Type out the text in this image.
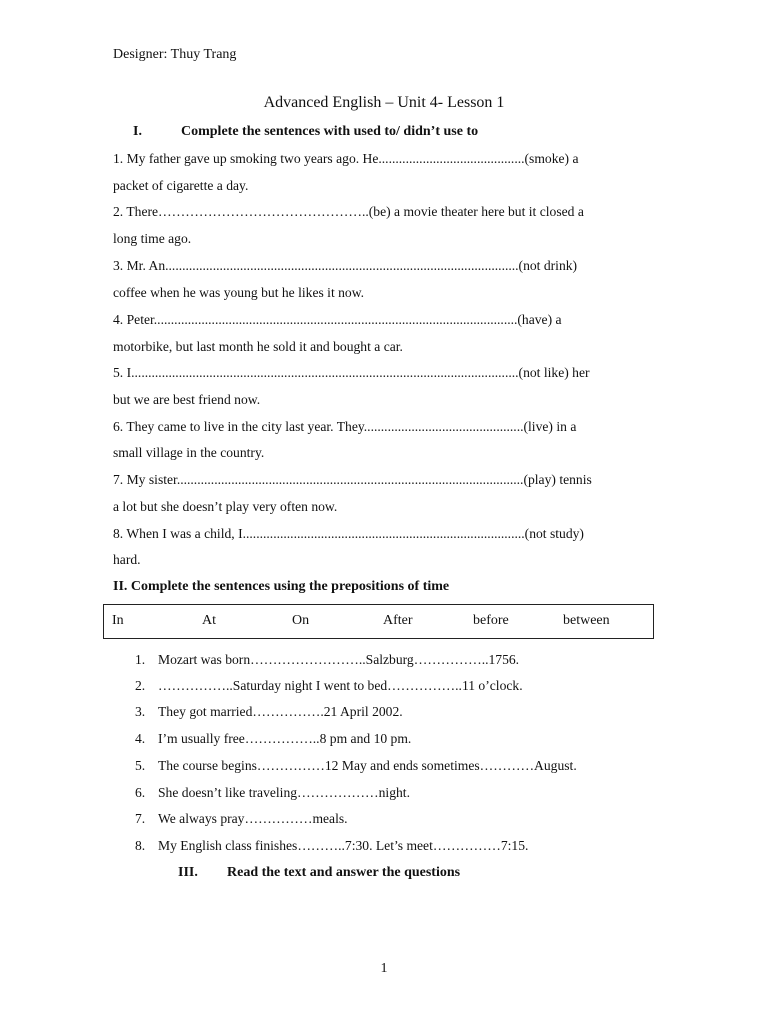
Designer: Thuy Trang
Advanced English – Unit 4- Lesson 1
I.	Complete the sentences with used to/ didn’t use to
1. My father gave up smoking two years ago. He...........................................(smoke) a
packet of cigarette a day.
2. There………………………………………..(be) a movie theater here but it closed a
long time ago.
3. Mr. An........................................................................................................(not drink)
coffee when he was young but he likes it now.
4. Peter...........................................................................................................(have) a
motorbike, but last month he sold it and bought a car.
5. I..................................................................................................................(not like) her
but we are best friend now.
6. They came to live in the city last year. They...............................................(live) in a
small village in the country.
7. My sister......................................................................................................(play) tennis
a lot but she doesn’t play very often now.
8. When I was a child, I...................................................................................(not study)
hard.
II. Complete the sentences using the prepositions of time
In	At	On	After	before	between
1. Mozart was born……………………..Salzburg……………..1756.
2. ……………..Saturday night I went to bed……………..11 o’clock.
3. They got married…………….21 April 2002.
4. I’m usually free……………..8 pm and 10 pm.
5. The course begins……………12 May and ends sometimes…………August.
6. She doesn’t like traveling………………night.
7. We always pray……………meals.
8. My English class finishes………..7:30. Let’s meet……………7:15.
III. Read the text and answer the questions
1
